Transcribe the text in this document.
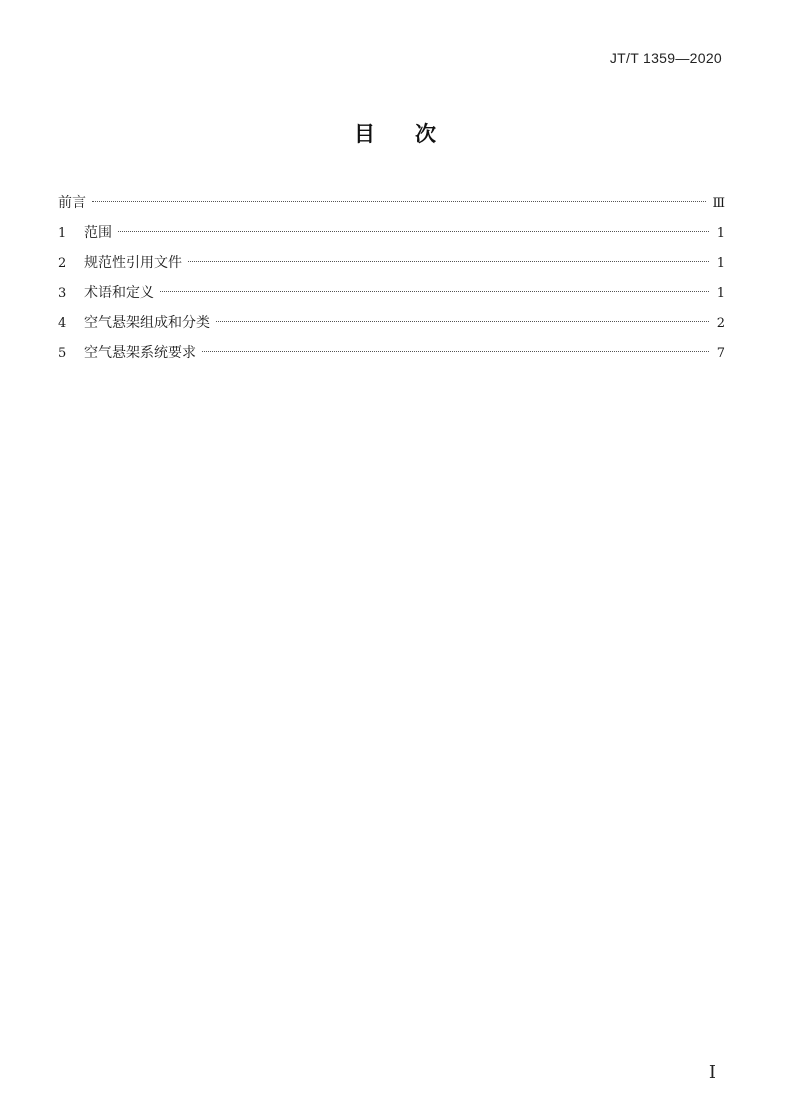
JT/T 1359—2020
目 次
前言	Ⅲ
1	范围	1
2	规范性引用文件	1
3	术语和定义	1
4	空气悬架组成和分类	2
5	空气悬架系统要求	7
Ⅰ
